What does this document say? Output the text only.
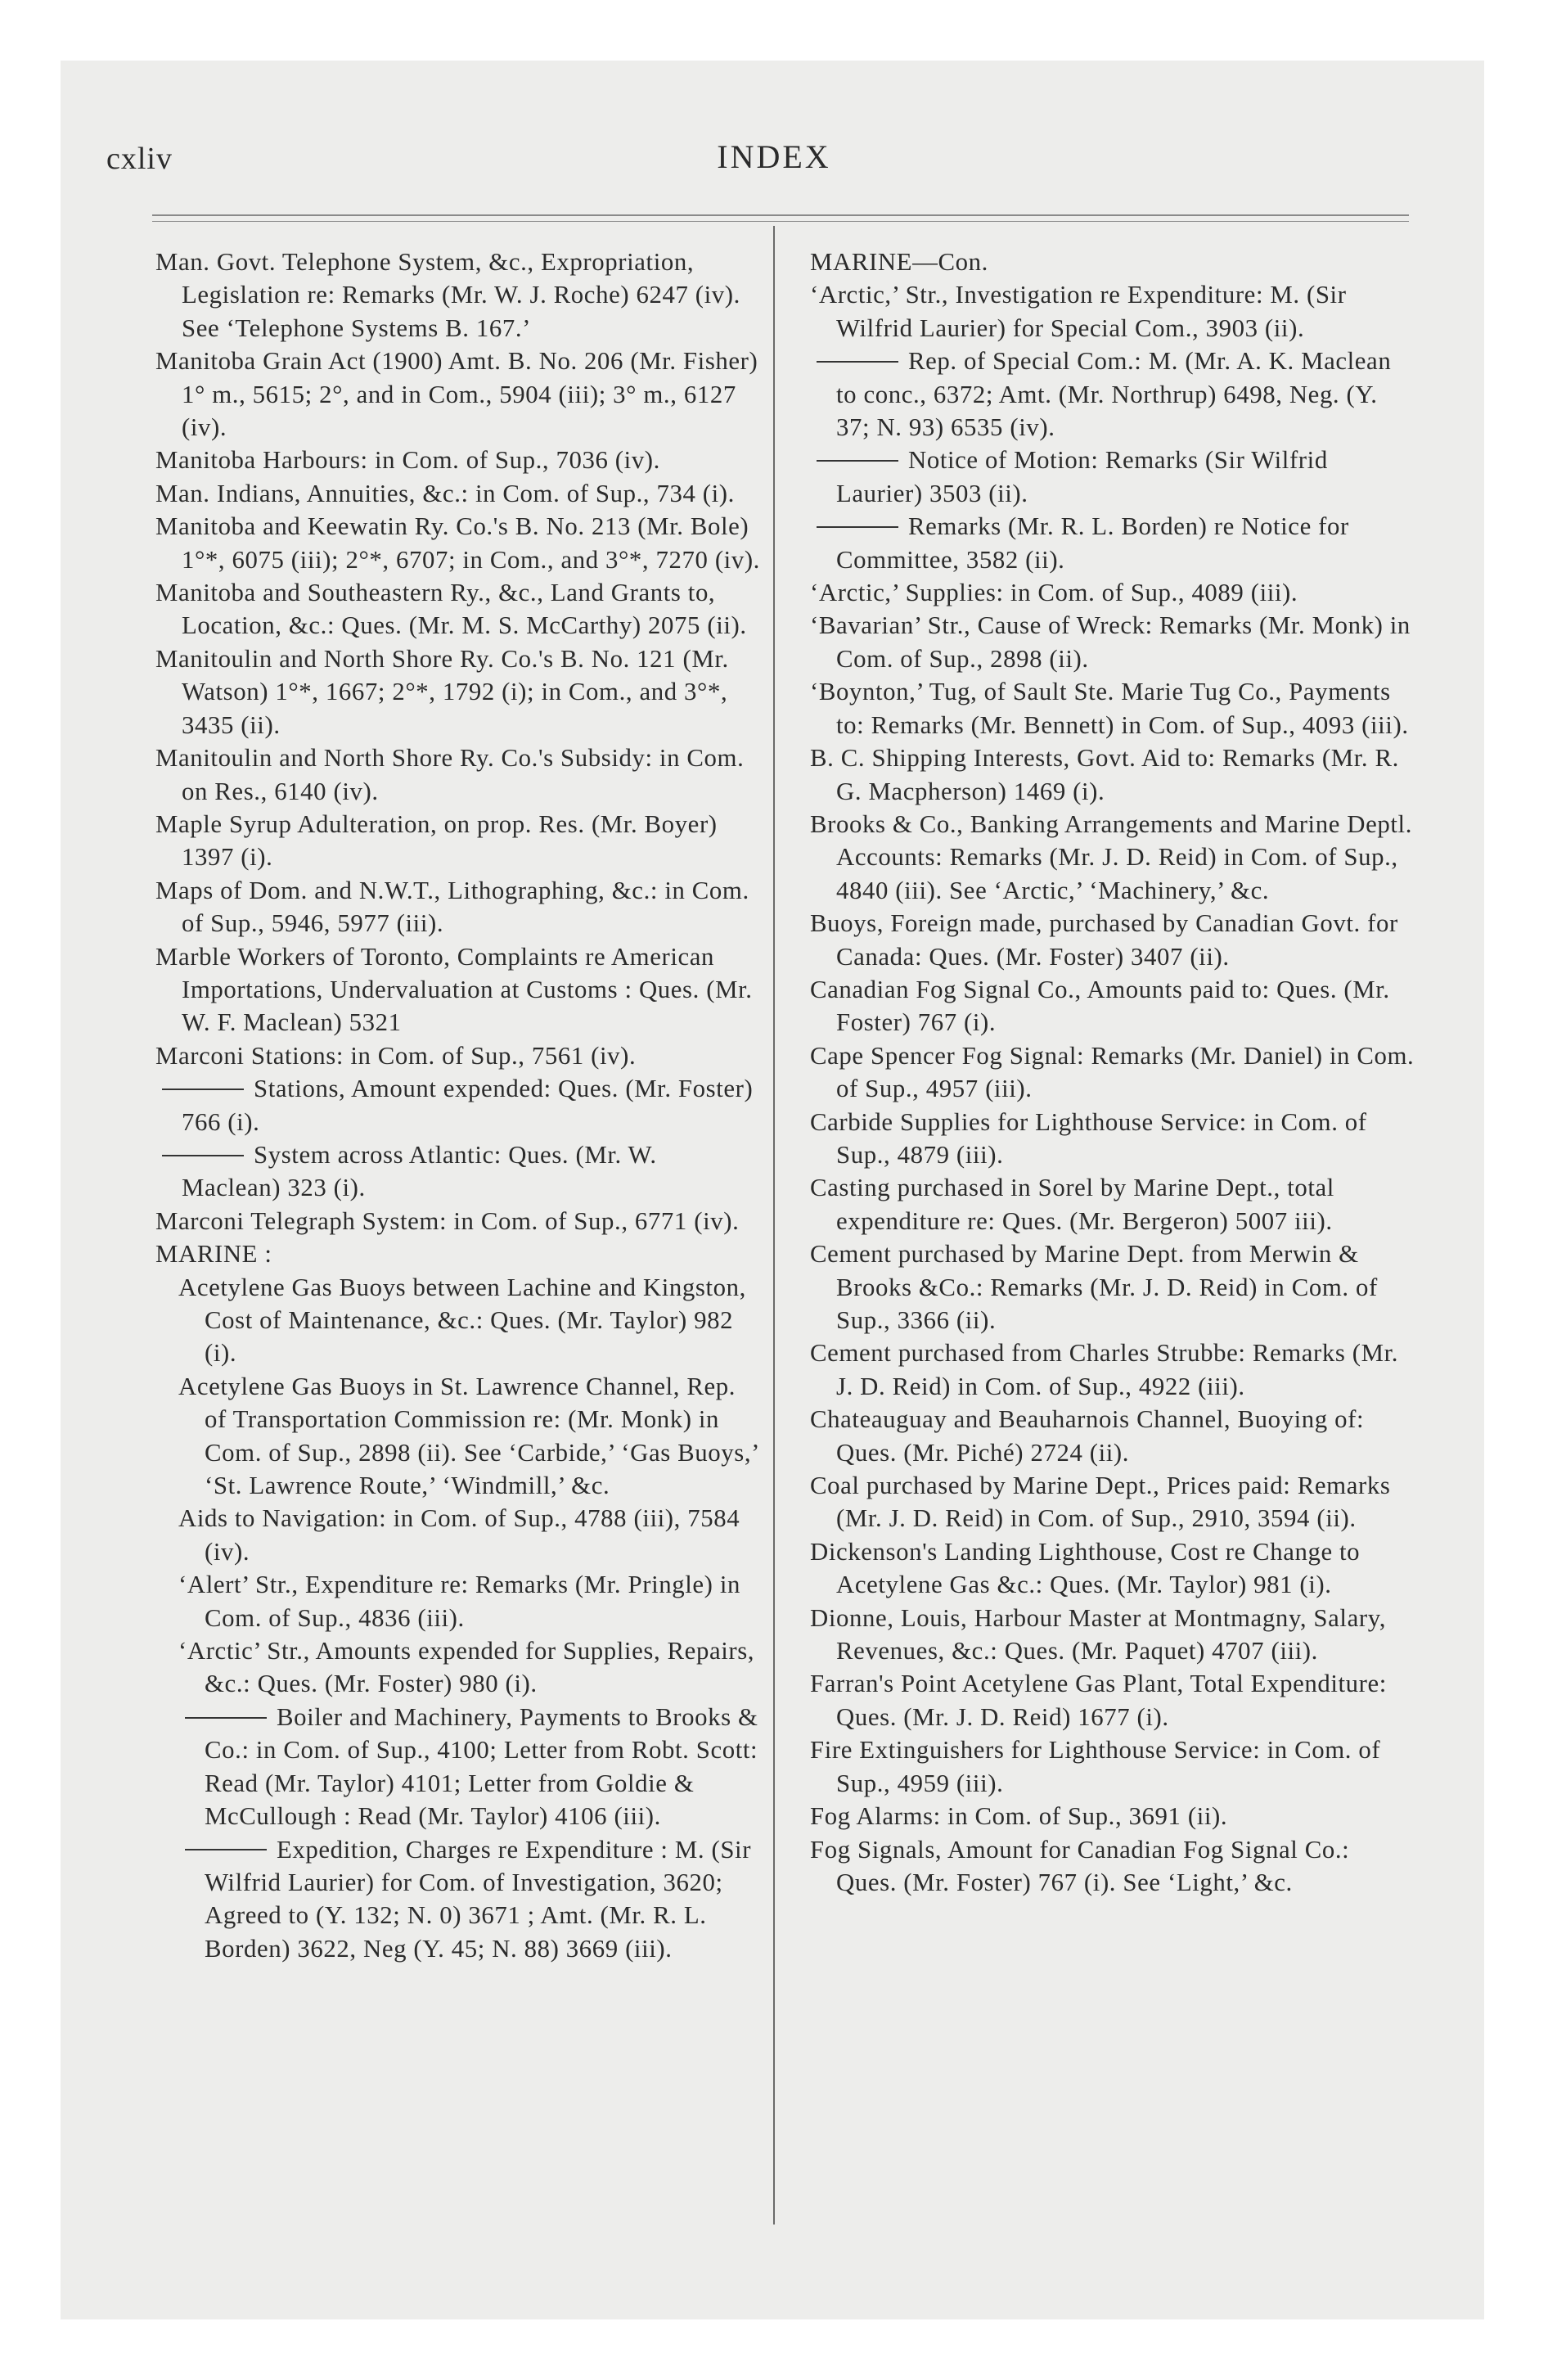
cxliv	INDEX
Man. Govt. Telephone System, &c., Expropriation, Legislation re: Remarks (Mr. W. J. Roche) 6247 (iv). See ‘Telephone Systems B. 167.’
Manitoba Grain Act (1900) Amt. B. No. 206 (Mr. Fisher) 1° m., 5615; 2°, and in Com., 5904 (iii); 3° m., 6127 (iv).
Manitoba Harbours: in Com. of Sup., 7036 (iv).
Man. Indians, Annuities, &c.: in Com. of Sup., 734 (i).
Manitoba and Keewatin Ry. Co.'s B. No. 213 (Mr. Bole) 1°*, 6075 (iii); 2°*, 6707; in Com., and 3°*, 7270 (iv).
Manitoba and Southeastern Ry., &c., Land Grants to, Location, &c.: Ques. (Mr. M. S. McCarthy) 2075 (ii).
Manitoulin and North Shore Ry. Co.'s B. No. 121 (Mr. Watson) 1°*, 1667; 2°*, 1792 (i); in Com., and 3°*, 3435 (ii).
Manitoulin and North Shore Ry. Co.'s Subsidy: in Com. on Res., 6140 (iv).
Maple Syrup Adulteration, on prop. Res. (Mr. Boyer) 1397 (i).
Maps of Dom. and N.W.T., Lithographing, &c.: in Com. of Sup., 5946, 5977 (iii).
Marble Workers of Toronto, Complaints re American Importations, Undervaluation at Customs : Ques. (Mr. W. F. Maclean) 5321
Marconi Stations: in Com. of Sup., 7561 (iv).
Stations, Amount expended: Ques. (Mr. Foster) 766 (i).
System across Atlantic: Ques. (Mr. W. Maclean) 323 (i).
Marconi Telegraph System: in Com. of Sup., 6771 (iv).
MARINE :
Acetylene Gas Buoys between Lachine and Kingston, Cost of Maintenance, &c.: Ques. (Mr. Taylor) 982 (i).
Acetylene Gas Buoys in St. Lawrence Channel, Rep. of Transportation Commission re: (Mr. Monk) in Com. of Sup., 2898 (ii). See ‘Carbide,’ ‘Gas Buoys,’ ‘St. Lawrence Route,’ ‘Windmill,’ &c.
Aids to Navigation: in Com. of Sup., 4788 (iii), 7584 (iv).
‘Alert’ Str., Expenditure re: Remarks (Mr. Pringle) in Com. of Sup., 4836 (iii).
‘Arctic’ Str., Amounts expended for Supplies, Repairs, &c.: Ques. (Mr. Foster) 980 (i).
Boiler and Machinery, Payments to Brooks & Co.: in Com. of Sup., 4100; Letter from Robt. Scott: Read (Mr. Taylor) 4101; Letter from Goldie & McCullough : Read (Mr. Taylor) 4106 (iii).
Expedition, Charges re Expenditure : M. (Sir Wilfrid Laurier) for Com. of Investigation, 3620; Agreed to (Y. 132; N. 0) 3671 ; Amt. (Mr. R. L. Borden) 3622, Neg (Y. 45; N. 88) 3669 (iii).
MARINE—Con.
‘Arctic,’ Str., Investigation re Expenditure: M. (Sir Wilfrid Laurier) for Special Com., 3903 (ii).
Rep. of Special Com.: M. (Mr. A. K. Maclean to conc., 6372; Amt. (Mr. Northrup) 6498, Neg. (Y. 37; N. 93) 6535 (iv).
Notice of Motion: Remarks (Sir Wilfrid Laurier) 3503 (ii).
Remarks (Mr. R. L. Borden) re Notice for Committee, 3582 (ii).
‘Arctic,’ Supplies: in Com. of Sup., 4089 (iii).
‘Bavarian’ Str., Cause of Wreck: Remarks (Mr. Monk) in Com. of Sup., 2898 (ii).
‘Boynton,’ Tug, of Sault Ste. Marie Tug Co., Payments to: Remarks (Mr. Bennett) in Com. of Sup., 4093 (iii).
B. C. Shipping Interests, Govt. Aid to: Remarks (Mr. R. G. Macpherson) 1469 (i).
Brooks & Co., Banking Arrangements and Marine Deptl. Accounts: Remarks (Mr. J. D. Reid) in Com. of Sup., 4840 (iii). See ‘Arctic,’ ‘Machinery,’ &c.
Buoys, Foreign made, purchased by Canadian Govt. for Canada: Ques. (Mr. Foster) 3407 (ii).
Canadian Fog Signal Co., Amounts paid to: Ques. (Mr. Foster) 767 (i).
Cape Spencer Fog Signal: Remarks (Mr. Daniel) in Com. of Sup., 4957 (iii).
Carbide Supplies for Lighthouse Service: in Com. of Sup., 4879 (iii).
Casting purchased in Sorel by Marine Dept., total expenditure re: Ques. (Mr. Bergeron) 5007 iii).
Cement purchased by Marine Dept. from Merwin & Brooks &Co.: Remarks (Mr. J. D. Reid) in Com. of Sup., 3366 (ii).
Cement purchased from Charles Strubbe: Remarks (Mr. J. D. Reid) in Com. of Sup., 4922 (iii).
Chateauguay and Beauharnois Channel, Buoying of: Ques. (Mr. Piché) 2724 (ii).
Coal purchased by Marine Dept., Prices paid: Remarks (Mr. J. D. Reid) in Com. of Sup., 2910, 3594 (ii).
Dickenson's Landing Lighthouse, Cost re Change to Acetylene Gas &c.: Ques. (Mr. Taylor) 981 (i).
Dionne, Louis, Harbour Master at Montmagny, Salary, Revenues, &c.: Ques. (Mr. Paquet) 4707 (iii).
Farran's Point Acetylene Gas Plant, Total Expenditure: Ques. (Mr. J. D. Reid) 1677 (i).
Fire Extinguishers for Lighthouse Service: in Com. of Sup., 4959 (iii).
Fog Alarms: in Com. of Sup., 3691 (ii).
Fog Signals, Amount for Canadian Fog Signal Co.: Ques. (Mr. Foster) 767 (i). See ‘Light,’ &c.
